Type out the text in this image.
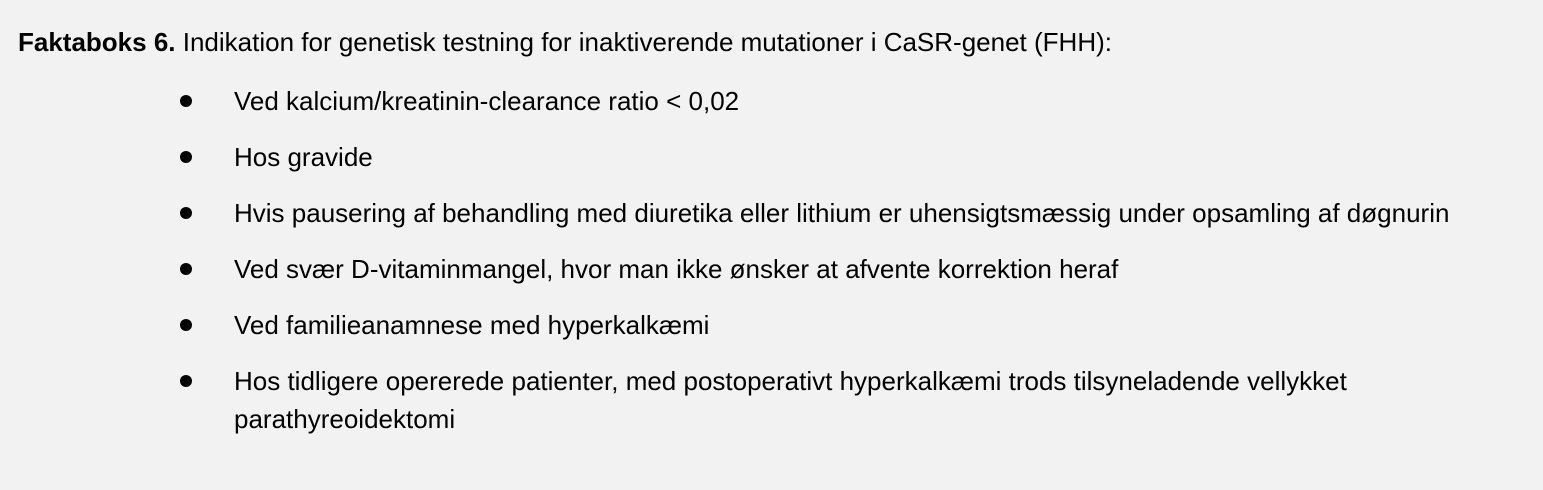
Faktaboks 6. Indikation for genetisk testning for inaktiverende mutationer i CaSR-genet (FHH):

Ved kalcium/kreatinin-clearance ratio < 0,02
Hos gravide
Hvis pausering af behandling med diuretika eller lithium er uhensigtsmæssig under opsamling af døgnurin
Ved svær D-vitaminmangel, hvor man ikke ønsker at afvente korrektion heraf
Ved familieanamnese med hyperkalkæmi
Hos tidligere opererede patienter, med postoperativt hyperkalkæmi trods tilsyneladende vellykket parathyreoidektomi
